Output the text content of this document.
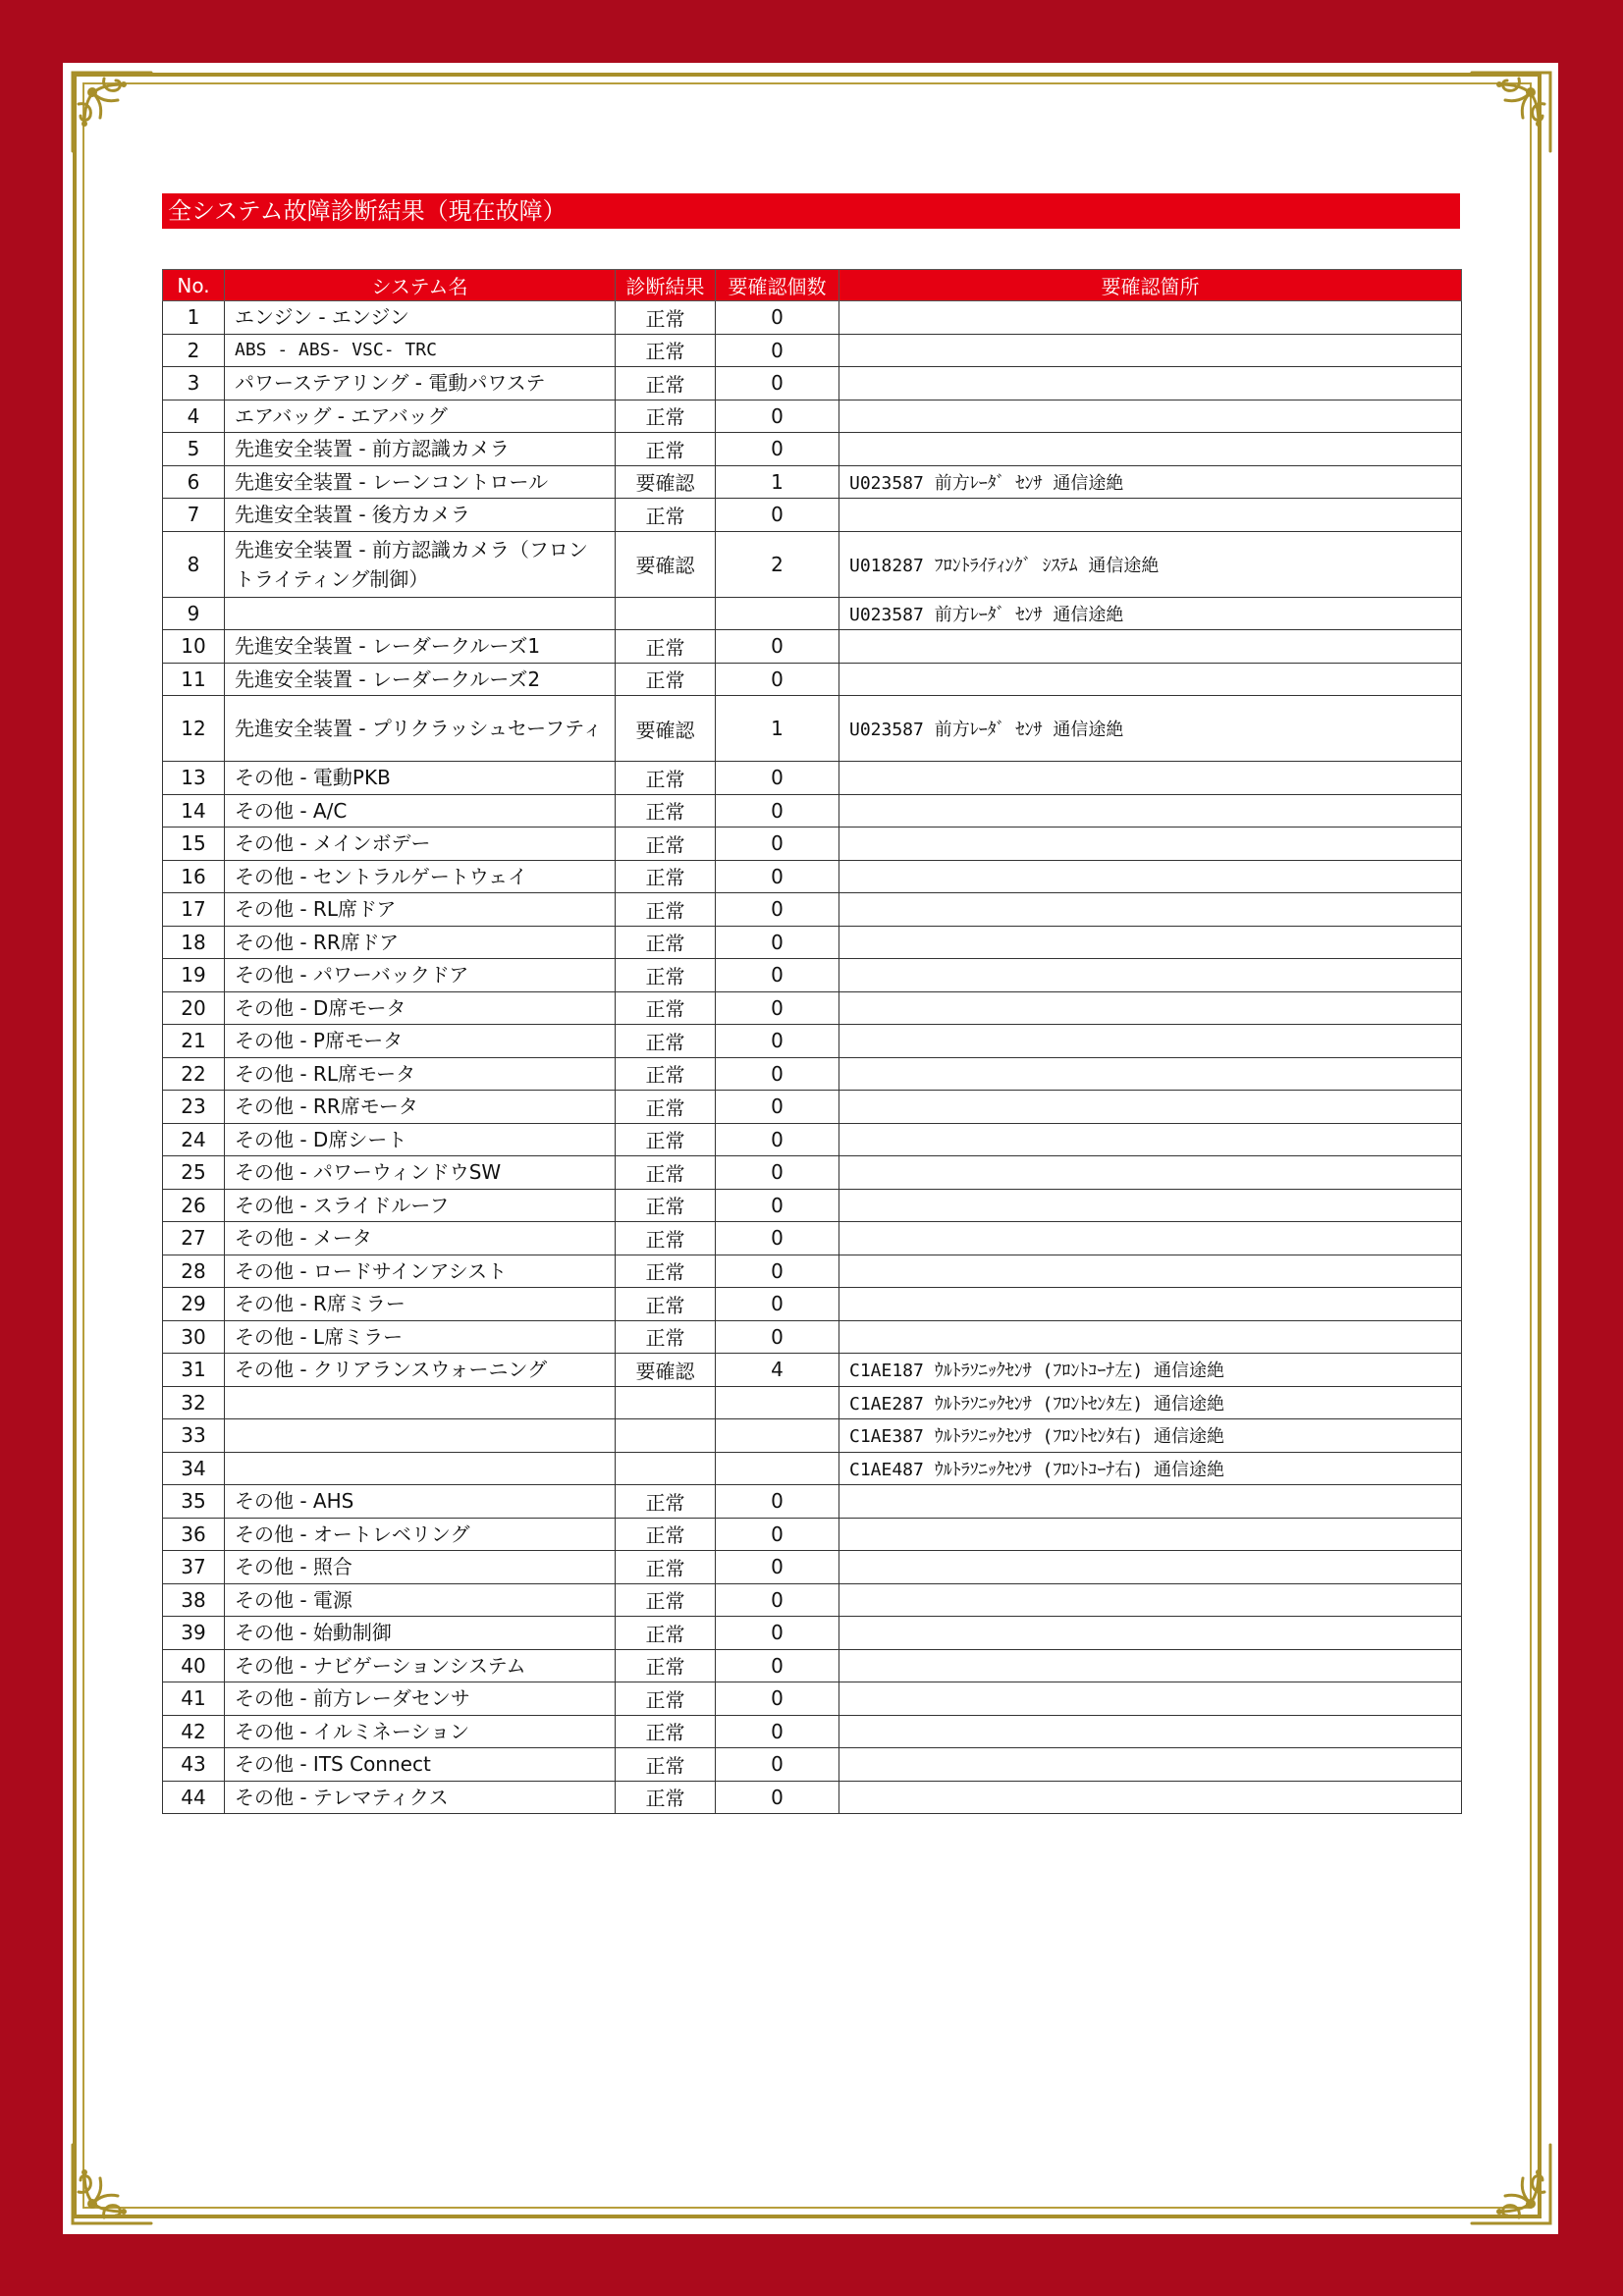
全システム故障診断結果（現在故障）
No.	システム名	診断結果	要確認個数	要確認箇所
1	エンジン - エンジン	正常	0	
2	ABS - ABS- VSC- TRC	正常	0	
3	パワーステアリング - 電動パワステ	正常	0	
4	エアバッグ - エアバッグ	正常	0	
5	先進安全装置 - 前方認識カメラ	正常	0	
6	先進安全装置 - レーンコントロール	要確認	1	U023587 前方ﾚｰﾀﾞ ｾﾝｻ 通信途絶
7	先進安全装置 - 後方カメラ	正常	0	
8	先進安全装置 - 前方認識カメラ（フロントライティング制御）	要確認	2	U018287 ﾌﾛﾝﾄﾗｲﾃｨﾝｸﾞ ｼｽﾃﾑ 通信途絶
9				U023587 前方ﾚｰﾀﾞ ｾﾝｻ 通信途絶
10	先進安全装置 - レーダークルーズ1	正常	0	
11	先進安全装置 - レーダークルーズ2	正常	0	
12	先進安全装置 - プリクラッシュセーフティ	要確認	1	U023587 前方ﾚｰﾀﾞ ｾﾝｻ 通信途絶
13	その他 - 電動PKB	正常	0	
14	その他 - A/C	正常	0	
15	その他 - メインボデー	正常	0	
16	その他 - セントラルゲートウェイ	正常	0	
17	その他 - RL席ドア	正常	0	
18	その他 - RR席ドア	正常	0	
19	その他 - パワーバックドア	正常	0	
20	その他 - D席モータ	正常	0	
21	その他 - P席モータ	正常	0	
22	その他 - RL席モータ	正常	0	
23	その他 - RR席モータ	正常	0	
24	その他 - D席シート	正常	0	
25	その他 - パワーウィンドウSW	正常	0	
26	その他 - スライドルーフ	正常	0	
27	その他 - メータ	正常	0	
28	その他 - ロードサインアシスト	正常	0	
29	その他 - R席ミラー	正常	0	
30	その他 - L席ミラー	正常	0	
31	その他 - クリアランスウォーニング	要確認	4	C1AE187 ｳﾙﾄﾗｿﾆｯｸｾﾝｻ (ﾌﾛﾝﾄｺｰﾅ左) 通信途絶
32				C1AE287 ｳﾙﾄﾗｿﾆｯｸｾﾝｻ (ﾌﾛﾝﾄｾﾝﾀ左) 通信途絶
33				C1AE387 ｳﾙﾄﾗｿﾆｯｸｾﾝｻ (ﾌﾛﾝﾄｾﾝﾀ右) 通信途絶
34				C1AE487 ｳﾙﾄﾗｿﾆｯｸｾﾝｻ (ﾌﾛﾝﾄｺｰﾅ右) 通信途絶
35	その他 - AHS	正常	0	
36	その他 - オートレベリング	正常	0	
37	その他 - 照合	正常	0	
38	その他 - 電源	正常	0	
39	その他 - 始動制御	正常	0	
40	その他 - ナビゲーションシステム	正常	0	
41	その他 - 前方レーダセンサ	正常	0	
42	その他 - イルミネーション	正常	0	
43	その他 - ITS Connect	正常	0	
44	その他 - テレマティクス	正常	0	
